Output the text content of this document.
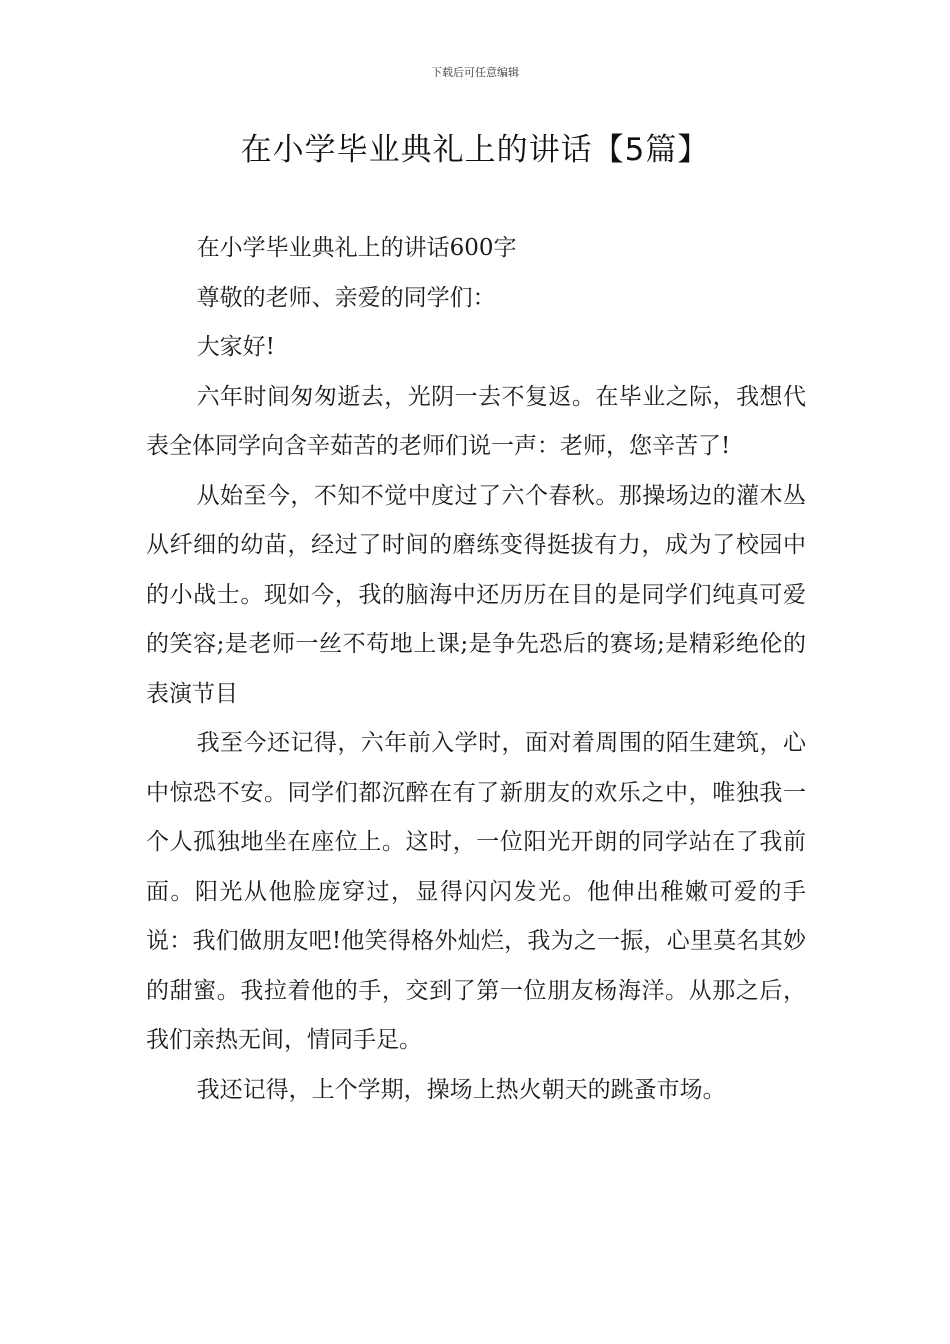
下载后可任意编辑
在小学毕业典礼上的讲话【5篇】

在小学毕业典礼上的讲话600字

尊敬的老师、亲爱的同学们：

大家好!

六年时间匆匆逝去，光阴一去不复返。在毕业之际，我想代表全体同学向含辛茹苦的老师们说一声：老师，您辛苦了!

从始至今，不知不觉中度过了六个春秋。那操场边的灌木丛从纤细的幼苗，经过了时间的磨练变得挺拔有力，成为了校园中的小战士。现如今，我的脑海中还历历在目的是同学们纯真可爱的笑容;是老师一丝不苟地上课;是争先恐后的赛场;是精彩绝伦的表演节目

我至今还记得，六年前入学时，面对着周围的陌生建筑，心中惊恐不安。同学们都沉醉在有了新朋友的欢乐之中，唯独我一个人孤独地坐在座位上。这时，一位阳光开朗的同学站在了我前面。阳光从他脸庞穿过，显得闪闪发光。他伸出稚嫩可爱的手说：我们做朋友吧!他笑得格外灿烂，我为之一振，心里莫名其妙的甜蜜。我拉着他的手，交到了第一位朋友杨海洋。从那之后，我们亲热无间，情同手足。

我还记得，上个学期，操场上热火朝天的跳蚤市场。
